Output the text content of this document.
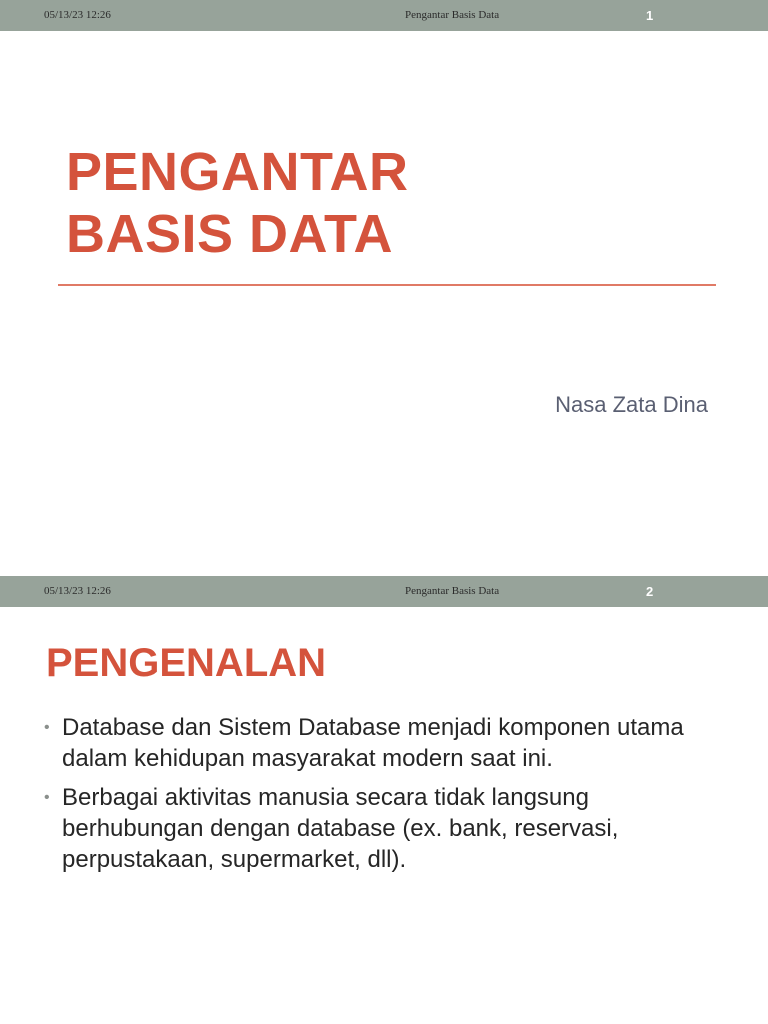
05/13/23 12:26	Pengantar Basis Data	1
PENGANTAR
BASIS DATA
Nasa Zata Dina
05/13/23 12:26	Pengantar Basis Data	2
PENGENALAN
• Database dan Sistem Database menjadi komponen utama dalam kehidupan masyarakat modern saat ini.
• Berbagai aktivitas manusia secara tidak langsung berhubungan dengan database (ex. bank, reservasi, perpustakaan, supermarket, dll).
